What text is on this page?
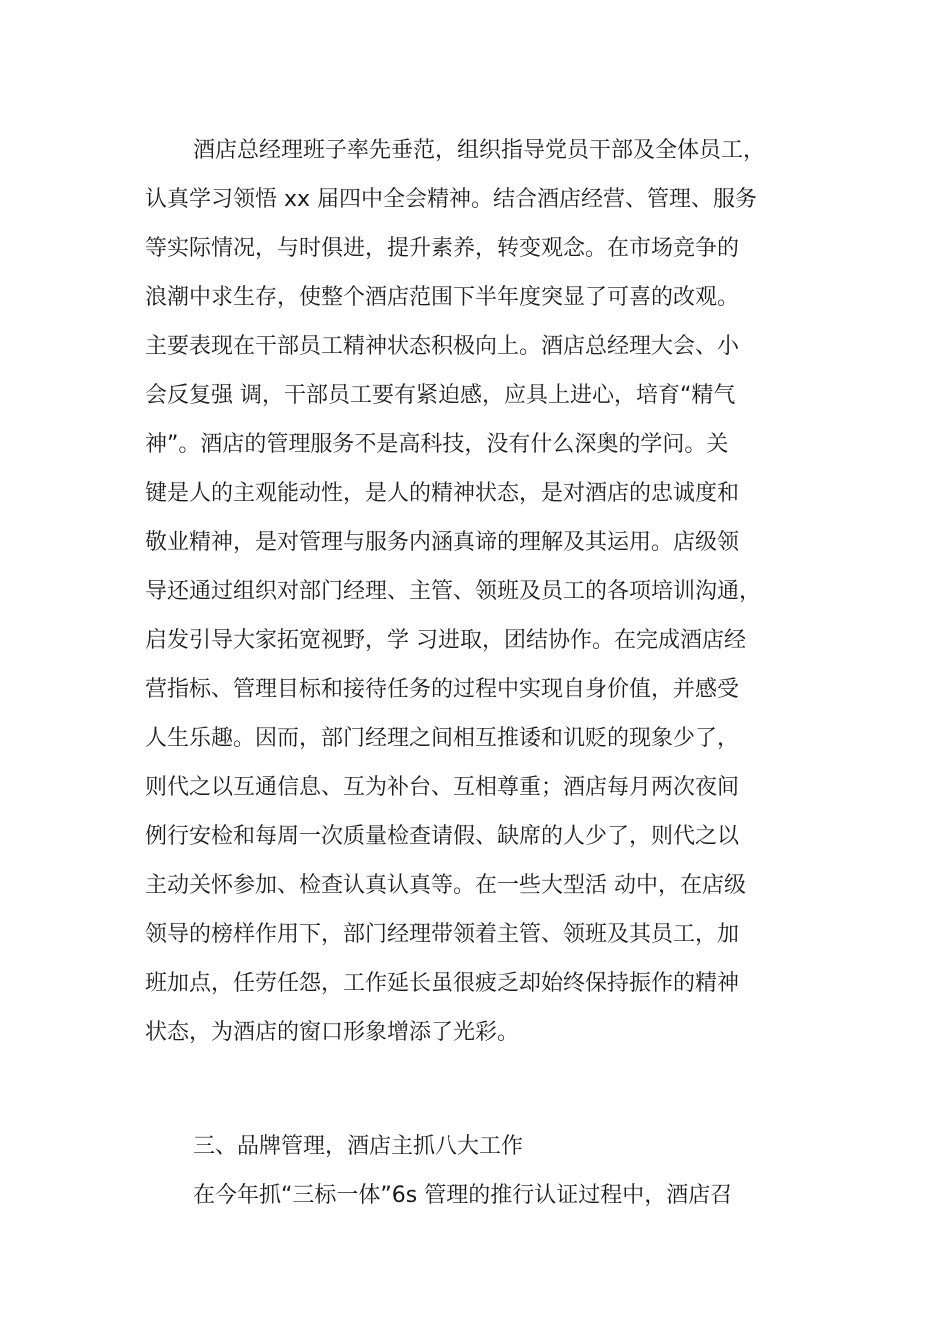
酒店总经理班子率先垂范，组织指导党员干部及全体员工，
认真学习领悟 xx 届四中全会精神。结合酒店经营、管理、服务
等实际情况，与时俱进，提升素养，转变观念。在市场竞争的
浪潮中求生存，使整个酒店范围下半年度突显了可喜的改观。
主要表现在干部员工精神状态积极向上。酒店总经理大会、小
会反复强 调，干部员工要有紧迫感，应具上进心，培育“精气
神”。酒店的管理服务不是高科技，没有什么深奥的学问。关
键是人的主观能动性，是人的精神状态，是对酒店的忠诚度和
敬业精神，是对管理与服务内涵真谛的理解及其运用。店级领
导还通过组织对部门经理、主管、领班及员工的各项培训沟通，
启发引导大家拓宽视野，学 习进取，团结协作。在完成酒店经
营指标、管理目标和接待任务的过程中实现自身价值，并感受
人生乐趣。因而，部门经理之间相互推诿和讥贬的现象少了，
则代之以互通信息、互为补台、互相尊重；酒店每月两次夜间
例行安检和每周一次质量检查请假、缺席的人少了，则代之以
主动关怀参加、检查认真认真等。在一些大型活 动中，在店级
领导的榜样作用下，部门经理带领着主管、领班及其员工，加
班加点，任劳任怨，工作延长虽很疲乏却始终保持振作的精神
状态，为酒店的窗口形象增添了光彩。
三、品牌管理，酒店主抓八大工作
在今年抓“三标一体”6s 管理的推行认证过程中，酒店召
